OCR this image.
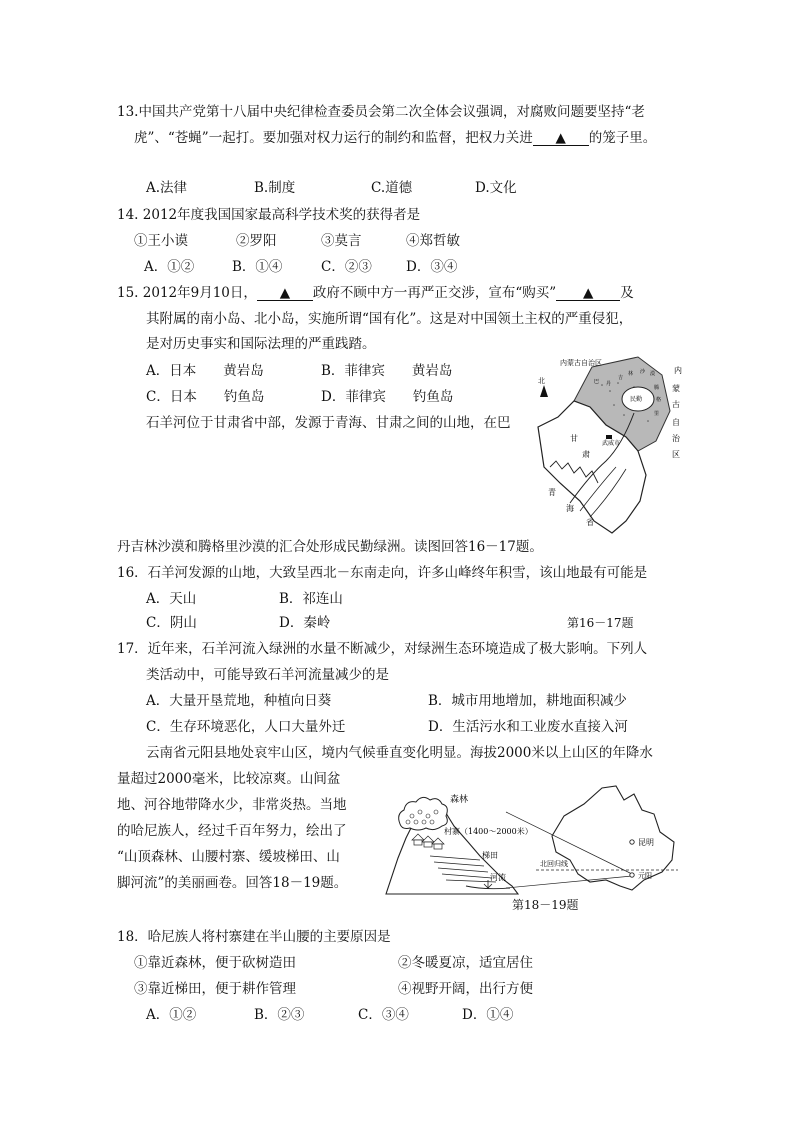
13.中国共产党第十八届中央纪律检查委员会第二次全体会议强调，对腐败问题要坚持“老
虎”、“苍蝇”一起打。要加强对权力运行的制约和监督，把权力关进 ▲ 的笼子里。
A.法律	B.制度	C.道德	D.文化
14. 2012年度我国国家最高科学技术奖的获得者是
①王小谟	②罗阳	③莫言	④郑哲敏
A．①②	B．①④	C．②③	D．③④
15. 2012年9月10日， ▲ 政府不顾中方一再严正交涉，宣布“购买” ▲ 及
其附属的南小岛、北小岛，实施所谓“国有化”。这是对中国领土主权的严重侵犯，
是对历史事实和国际法理的严重践踏。
A．日本　　黄岩岛	B．菲律宾　　黄岩岛
C．日本　　钓鱼岛	D．菲律宾　　钓鱼岛
石羊河位于甘肃省中部，发源于青海、甘肃之间的山地，在巴
丹吉林沙漠和腾格里沙漠的汇合处形成民勤绿洲。读图回答16－17题。
北
内蒙古自治区
内
蒙
古
自
治
区
巴 丹
吉
林 沙 漠
腾
格
里
民勤
武威市
甘
肃
青
海
省
16．石羊河发源的山地，大致呈西北－东南走向，许多山峰终年积雪，该山地最有可能是
A．天山	B．祁连山
C．阴山	D．秦岭	第16－17题
17．近年来，石羊河流入绿洲的水量不断减少，对绿洲生态环境造成了极大影响。下列人
类活动中，可能导致石羊河流量减少的是
A．大量开垦荒地，种植向日葵	B．城市用地增加，耕地面积减少
C．生存环境恶化，人口大量外迁	D．生活污水和工业废水直接入河
云南省元阳县地处哀牢山区，境内气候垂直变化明显。海拔2000米以上山区的年降水
量超过2000毫米，比较凉爽。山间盆
地、河谷地带降水少，非常炎热。当地
的哈尼族人，经过千百年努力，绘出了
“山顶森林、山腰村寨、缓坡梯田、山
脚河流”的美丽画卷。回答18－19题。
森林
村寨（1400～2000米）
梯田
河流
昆明
北回归线
元阳
第18－19题
18．哈尼族人将村寨建在半山腰的主要原因是
①靠近森林，便于砍树造田	②冬暖夏凉，适宜居住
③靠近梯田，便于耕作管理	④视野开阔，出行方便
A．①②	B．②③	C．③④	D．①④
